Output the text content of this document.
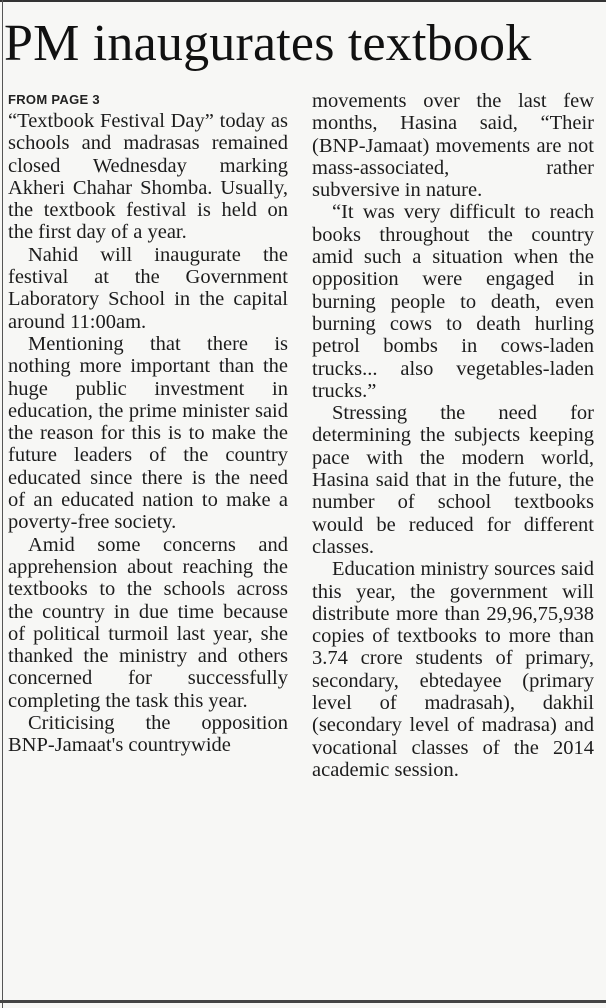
PM inaugurates textbook
FROM PAGE 3

“Textbook Festival Day” today as schools and madrasas remained closed Wednesday marking Akheri Chahar Shomba. Usually, the textbook festival is held on the first day of a year.

Nahid will inaugurate the festival at the Government Laboratory School in the capital around 11:00am.

Mentioning that there is nothing more important than the huge public investment in education, the prime minister said the reason for this is to make the future leaders of the country educated since there is the need of an educated nation to make a poverty-free society.

Amid some concerns and apprehension about reaching the textbooks to the schools across the country in due time because of political turmoil last year, she thanked the ministry and others concerned for successfully completing the task this year.

Criticising the opposition BNP-Jamaat's countrywide

movements over the last few months, Hasina said, “Their (BNP-Jamaat) movements are not mass-associated, rather subversive in nature.

“It was very difficult to reach books throughout the country amid such a situation when the opposition were engaged in burning people to death, even burning cows to death hurling petrol bombs in cows-laden trucks... also vegetables-laden trucks.”

Stressing the need for determining the subjects keeping pace with the modern world, Hasina said that in the future, the number of school textbooks would be reduced for different classes.

Education ministry sources said this year, the government will distribute more than 29,96,75,938 copies of textbooks to more than 3.74 crore students of primary, secondary, ebtedayee (primary level of madrasah), dakhil (secondary level of madrasa) and vocational classes of the 2014 academic session.
